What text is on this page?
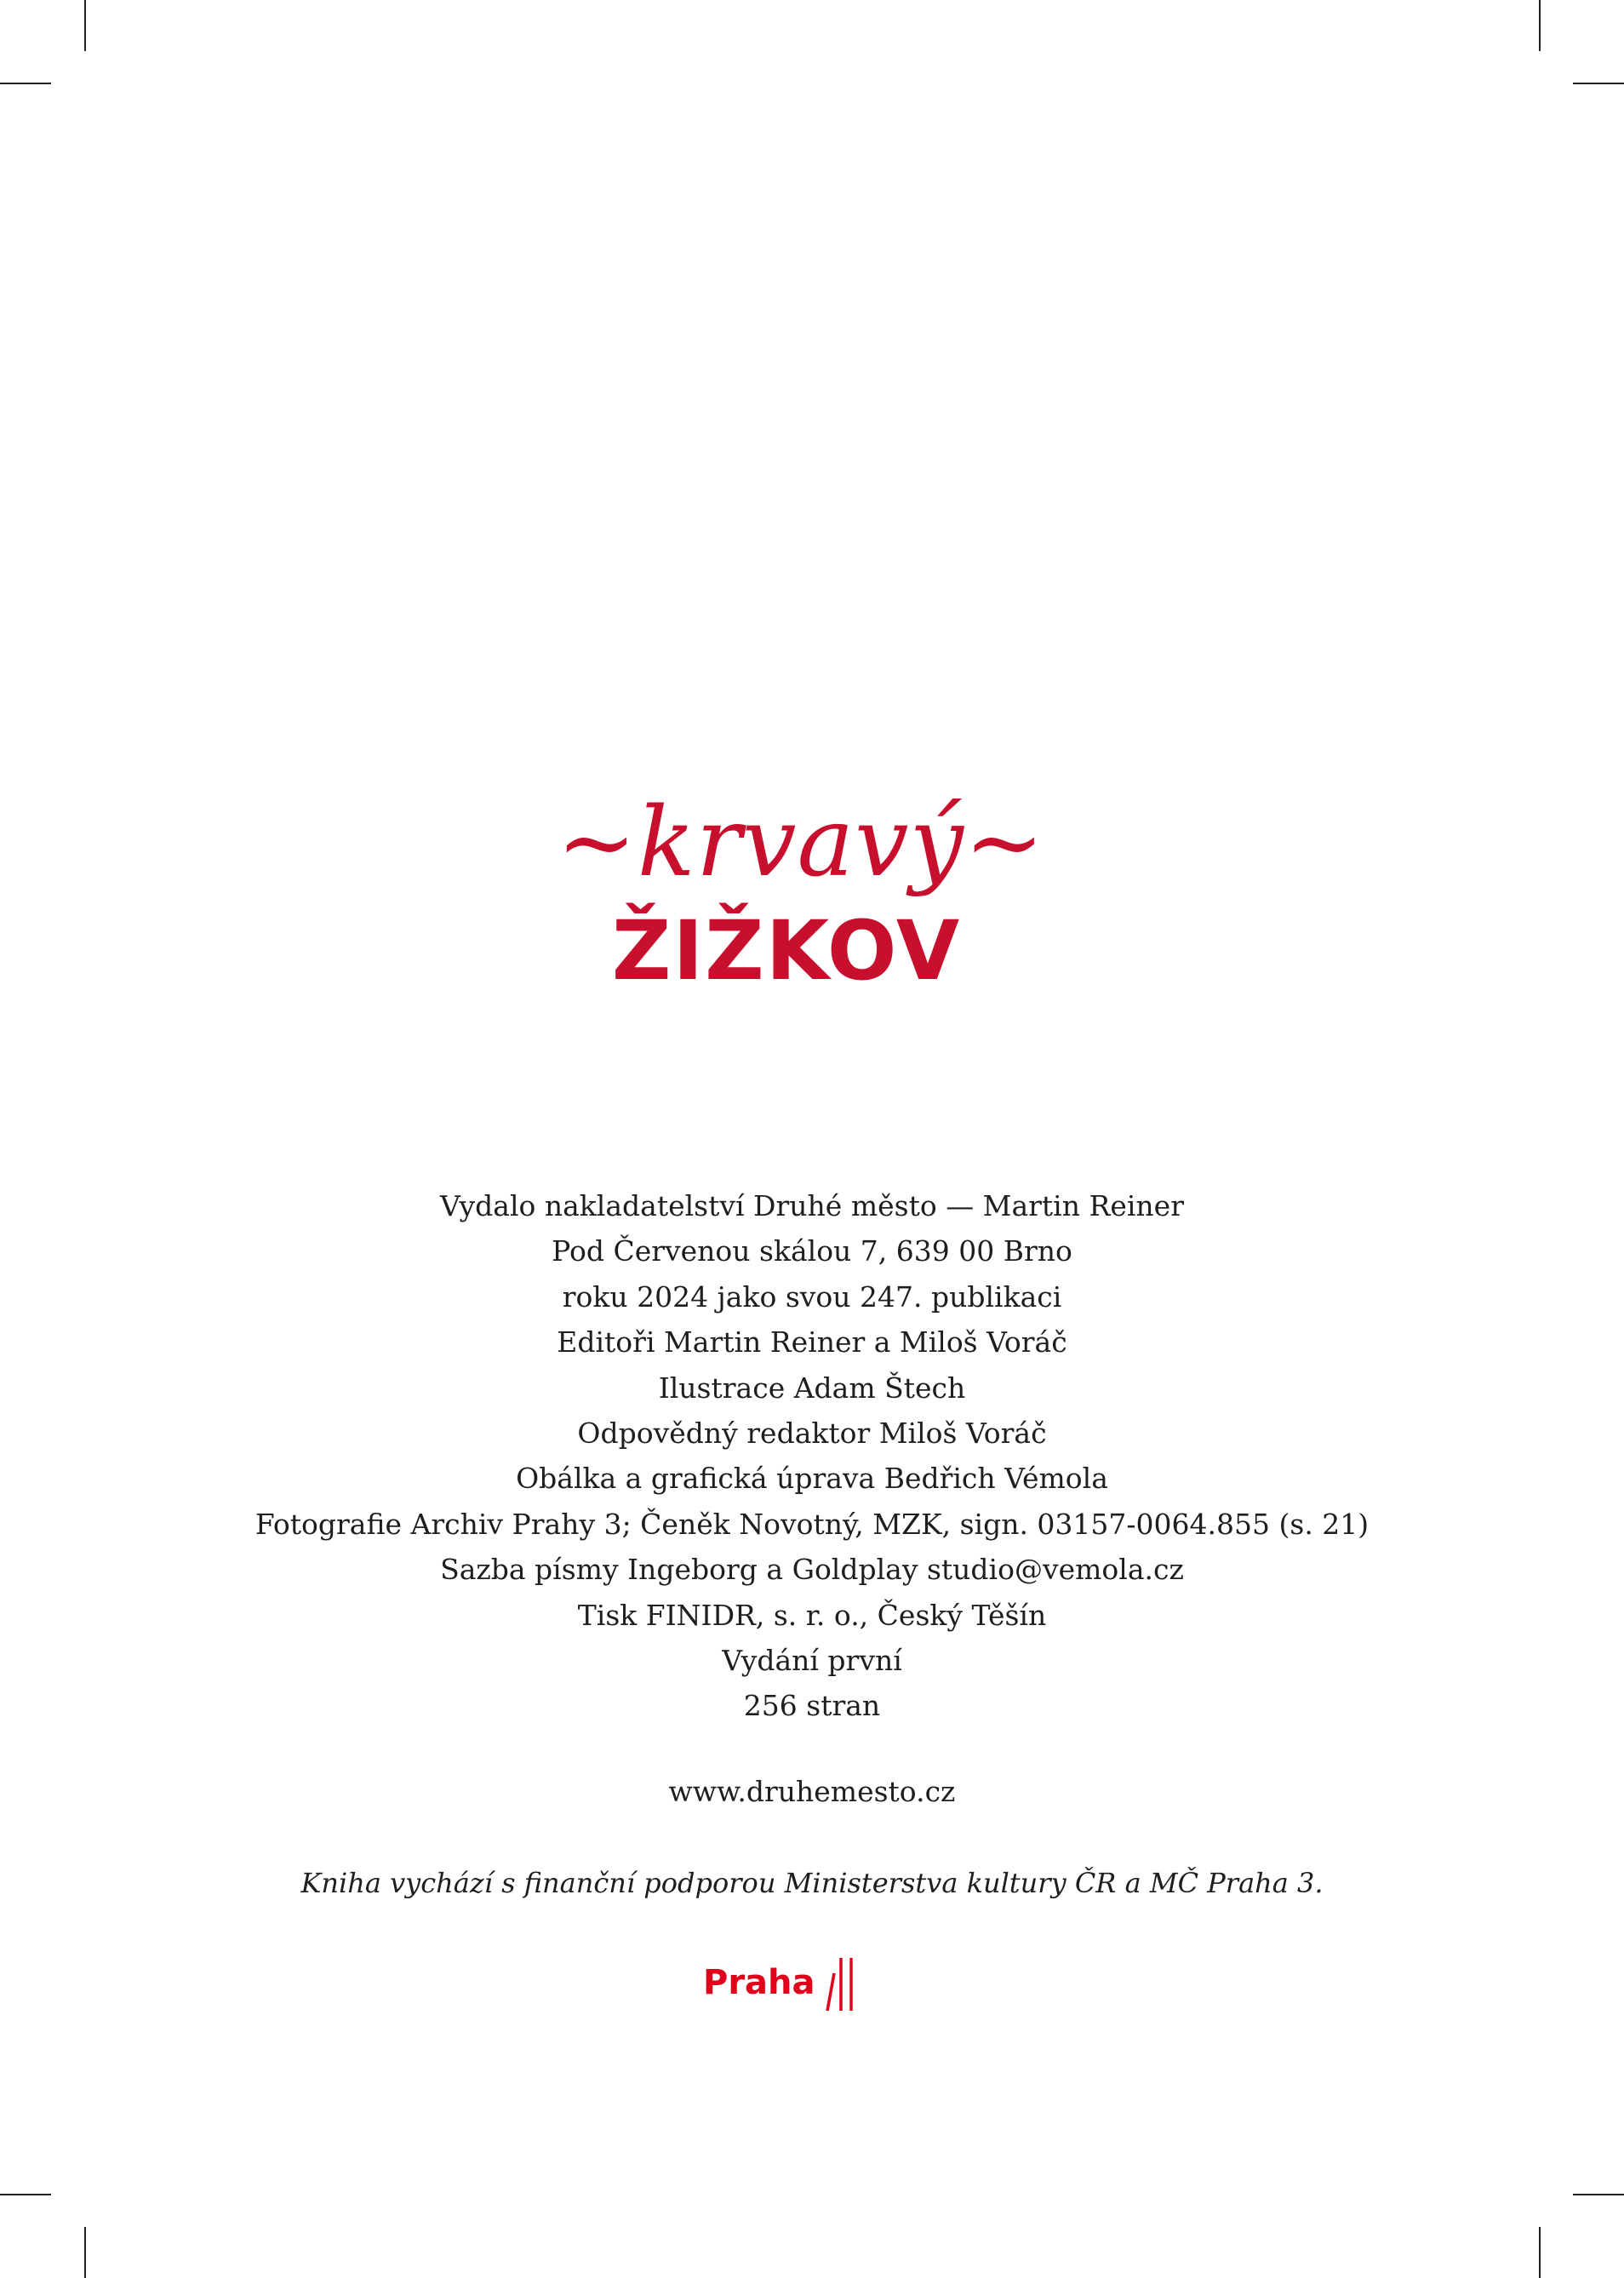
~krvavý~
ŽIŽKOV
Vydalo nakladatelství Druhé město — Martin Reiner
Pod Červenou skálou 7, 639 00 Brno
roku 2024 jako svou 247. publikaci
Editoři Martin Reiner a Miloš Voráč
Ilustrace Adam Štech
Odpovědný redaktor Miloš Voráč
Obálka a grafická úprava Bedřich Vémola
Fotografie Archiv Prahy 3; Čeněk Novotný, MZK, sign. 03157-0064.855 (s. 21)
Sazba písmy Ingeborg a Goldplay studio@vemola.cz
Tisk FINIDR, s. r. o., Český Těšín
Vydání první
256 stran
www.druhemesto.cz
Kniha vychází s finanční podporou Ministerstva kultury ČR a MČ Praha 3.
Praha
